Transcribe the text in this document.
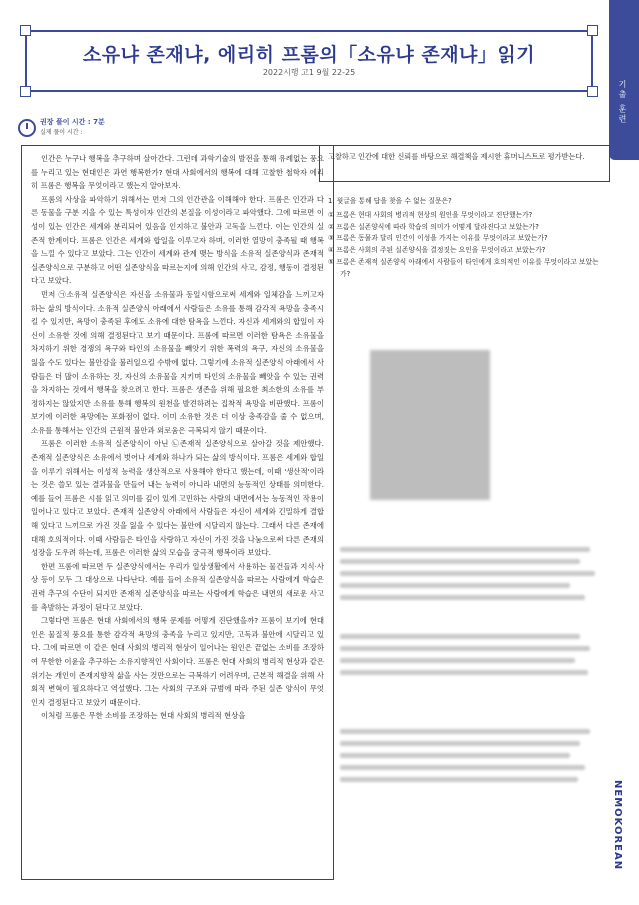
소유냐 존재냐, 에리히 프롬의「소유냐 존재냐」읽기
2022시행 고1 9월 22-25
기출 훈련
NEMOKOREAN
권장 풀이 시간 : 7분
실제 풀이 시간 :

인간은 누구나 행복을 추구하며 살아간다. 그런데 과학기술의 발전을 통해 유례없는 풍요를 누리고 있는 현대인은 과연 행복한가? 현대 사회에서의 행복에 대해 고찰한 철학자 에리히 프롬은 행복을 무엇이라고 했는지 알아보자.

프롬의 사상을 파악하기 위해서는 먼저 그의 인간관을 이해해야 한다. 프롬은 인간과 다른 동물을 구분 지을 수 있는 특성이자 인간의 본질을 이성이라고 파악했다. 그에 따르면 이성이 있는 인간은 세계와 분리되어 있음을 인지하고 불안과 고독을 느낀다. 이는 인간의 실존적 한계이다. 프롬은 인간은 세계와 합일을 이루고자 하며, 이러한 열망이 충족될 때 행복을 느낄 수 있다고 보았다. 그는 인간이 세계와 관계 맺는 방식을 소유적 실존양식과 존재적 실존양식으로 구분하고 어떤 실존양식을 따르는지에 의해 인간의 사고, 감정, 행동이 결정된다고 보았다.

먼저 ㉠소유적 실존양식은 자신을 소유물과 동일시함으로써 세계와 일체감을 느끼고자 하는 삶의 방식이다. 소유적 실존양식 아래에서 사람들은 소유를 통해 감각적 욕망을 충족시킬 수 있지만, 욕망이 충족된 후에도 소유에 대한 탐욕을 느낀다. 자신과 세계와의 합일이 자신이 소유한 것에 의해 결정된다고 보기 때문이다. 프롬에 따르면 이러한 탐욕은 소유물을 차지하기 위한 경쟁의 욕구와 타인의 소유물을 빼앗기 위한 폭력의 욕구, 자신의 소유물을 잃을 수도 있다는 불안감을 불러일으킬 수밖에 없다. 그렇기에 소유적 실존양식 아래에서 사람들은 더 많이 소유하는 것, 자신의 소유물을 지키며 타인의 소유물을 빼앗을 수 있는 권력을 차지하는 것에서 행복을 찾으려고 한다. 프롬은 생존을 위해 필요한 최소한의 소유를 부정하지는 않았지만 소유를 통해 행복의 원천을 발견하려는 집착적 욕망을 비판했다. 프롬이 보기에 이러한 욕망에는 포화점이 없다. 이미 소유한 것은 더 이상 충족감을 줄 수 없으며, 소유를 통해서는 인간의 근원적 불안과 외로움은 극복되지 않기 때문이다.

프롬은 이러한 소유적 실존양식이 아닌 ㉡존재적 실존양식으로 살아갈 것을 제안했다. 존재적 실존양식은 소유에서 벗어나 세계와 하나가 되는 삶의 방식이다. 프롬은 세계와 합일을 이루기 위해서는 이성적 능력을 생산적으로 사용해야 한다고 했는데, 이때 '생산적'이라는 것은 쓸모 있는 결과물을 만들어 내는 능력이 아니라 내면의 능동적인 상태를 의미한다. 예를 들어 프롬은 시를 읽고 의미를 깊이 있게 고민하는 사람의 내면에서는 능동적인 작용이 일어나고 있다고 보았다. 존재적 실존양식 아래에서 사람들은 자신이 세계와 긴밀하게 결합해 있다고 느끼므로 가진 것을 잃을 수 있다는 불안에 시달리지 않는다. 그래서 다른 존재에 대해 호의적이다. 이때 사람들은 타인을 사랑하고 자신이 가진 것을 나눔으로써 다른 존재의 성장을 도우려 하는데, 프롬은 이러한 삶의 모습을 궁극적 행복이라 보았다.

한편 프롬에 따르면 두 실존양식에서는 우리가 일상생활에서 사용하는 물건들과 지식·사상 등이 모두 그 대상으로 나타난다. 예를 들어 소유적 실존양식을 따르는 사람에게 학습은 권력 추구의 수단이 되지만 존재적 실존양식을 따르는 사람에게 학습은 내면의 새로운 사고를 촉발하는 과정이 된다고 보았다.

그렇다면 프롬은 현대 사회에서의 행복 문제를 어떻게 진단했을까? 프롬이 보기에 현대인은 물질적 풍요를 통한 감각적 욕망의 충족을 누리고 있지만, 고독과 불안에 시달리고 있다. 그에 따르면 이 같은 현대 사회의 병리적 현상이 일어나는 원인은 끝없는 소비를 조장하여 무한한 이윤을 추구하는 소유지향적인 사회이다. 프롬은 현대 사회의 병리적 현상과 같은 위기는 개인이 존재지향적 삶을 사는 것만으로는 극복하기 어려우며, 근본적 해결을 위해 사회적 변혁이 필요하다고 역설했다. 그는 사회의 구조와 규범에 따라 주된 실존 양식이 무엇인지 결정된다고 보았기 때문이다.

이처럼 프롬은 무한 소비를 조장하는 현대 사회의 병리적 현상을

고찰하고 인간에 대한 신뢰를 바탕으로 해결책을 제시한 휴머니스트로 평가받는다.
1. 윗글을 통해 답을 찾을 수 없는 질문은?
① 프롬은 현대 사회의 병리적 현상의 원인을 무엇이라고 진단했는가?
② 프롬은 실존양식에 따라 학습의 의미가 어떻게 달라진다고 보았는가?
③ 프롬은 동물과 달리 인간이 이성을 가지는 이유를 무엇이라고 보았는가?
④ 프롬은 사회의 주된 실존양식을 결정짓는 요인을 무엇이라고 보았는가?
⑤ 프롬은 존재적 실존양식 아래에서 사람들이 타인에게 호의적인 이유를 무엇이라고 보았는가?
